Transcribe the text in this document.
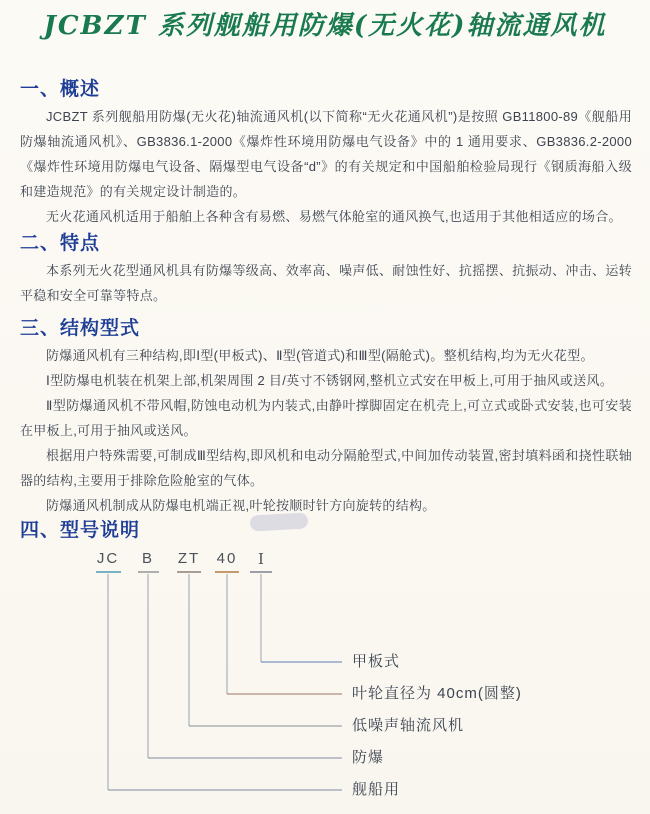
JCBZT 系列舰船用防爆(无火花)轴流通风机
一、概述

JCBZT 系列舰船用防爆(无火花)轴流通风机(以下简称“无火花通风机”)是按照 GB11800-89《舰船用防爆轴流通风机》、GB3836.1-2000《爆炸性环境用防爆电气设备》中的 1 通用要求、GB3836.2-2000《爆炸性环境用防爆电气设备、隔爆型电气设备“d”》的有关规定和中国船舶检验局现行《钢质海船入级和建造规范》的有关规定设计制造的。

无火花通风机适用于船舶上各种含有易燃、易燃气体舱室的通风换气,也适用于其他相适应的场合。

二、特点

本系列无火花型通风机具有防爆等级高、效率高、噪声低、耐蚀性好、抗摇摆、抗振动、冲击、运转平稳和安全可靠等特点。

三、结构型式

防爆通风机有三种结构,即Ⅰ型(甲板式)、Ⅱ型(管道式)和Ⅲ型(隔舱式)。整机结构,均为无火花型。

Ⅰ型防爆电机装在机架上部,机架周围 2 目/英寸不锈钢网,整机立式安在甲板上,可用于抽风或送风。

Ⅱ型防爆通风机不带风帽,防蚀电动机为内装式,由静叶撑脚固定在机壳上,可立式或卧式安装,也可安装在甲板上,可用于抽风或送风。

根据用户特殊需要,可制成Ⅲ型结构,即风机和电动分隔舱型式,中间加传动装置,密封填料函和挠性联轴器的结构,主要用于排除危险舱室的气体。

防爆通风机制成从防爆电机端正视,叶轮按顺时针方向旋转的结构。

四、型号说明
JC	B	ZT	40	Ⅰ
甲板式
叶轮直径为 40cm(圆整)
低噪声轴流风机
防爆
舰船用
